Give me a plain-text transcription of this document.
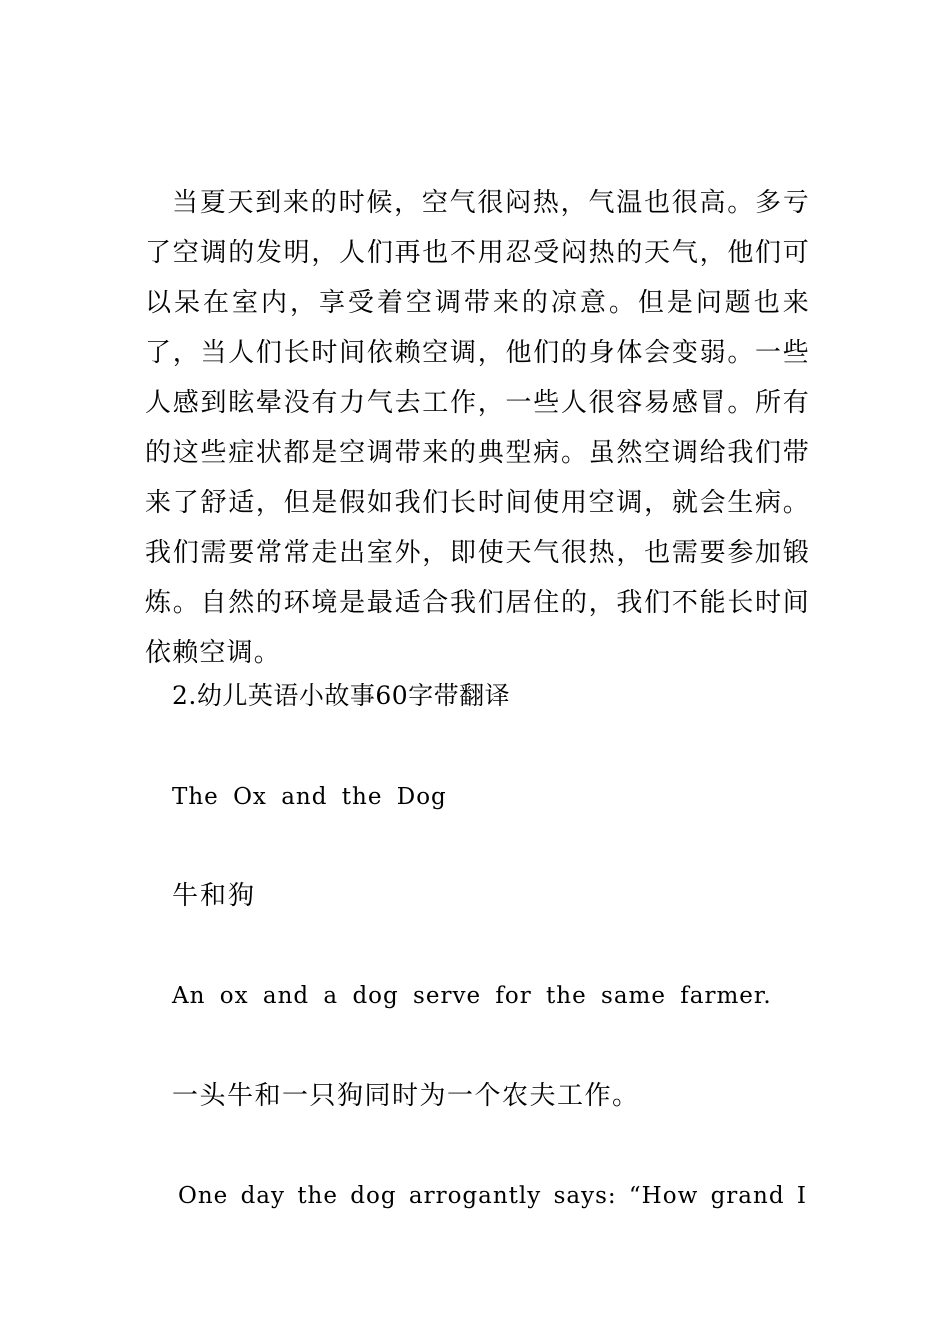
当夏天到来的时候，空气很闷热，气温也很高。多亏了空调的发明，人们再也不用忍受闷热的天气，他们可以呆在室内，享受着空调带来的凉意。但是问题也来了，当人们长时间依赖空调，他们的身体会变弱。一些人感到眩晕没有力气去工作，一些人很容易感冒。所有的这些症状都是空调带来的典型病。虽然空调给我们带来了舒适，但是假如我们长时间使用空调，就会生病。我们需要常常走出室外，即使天气很热，也需要参加锻炼。自然的环境是最适合我们居住的，我们不能长时间依赖空调。

2.幼儿英语小故事60字带翻译

The Ox and the Dog

牛和狗

An ox and a dog serve for the same farmer.

一头牛和一只狗同时为一个农夫工作。

One day the dog arrogantly says: “How grand I
